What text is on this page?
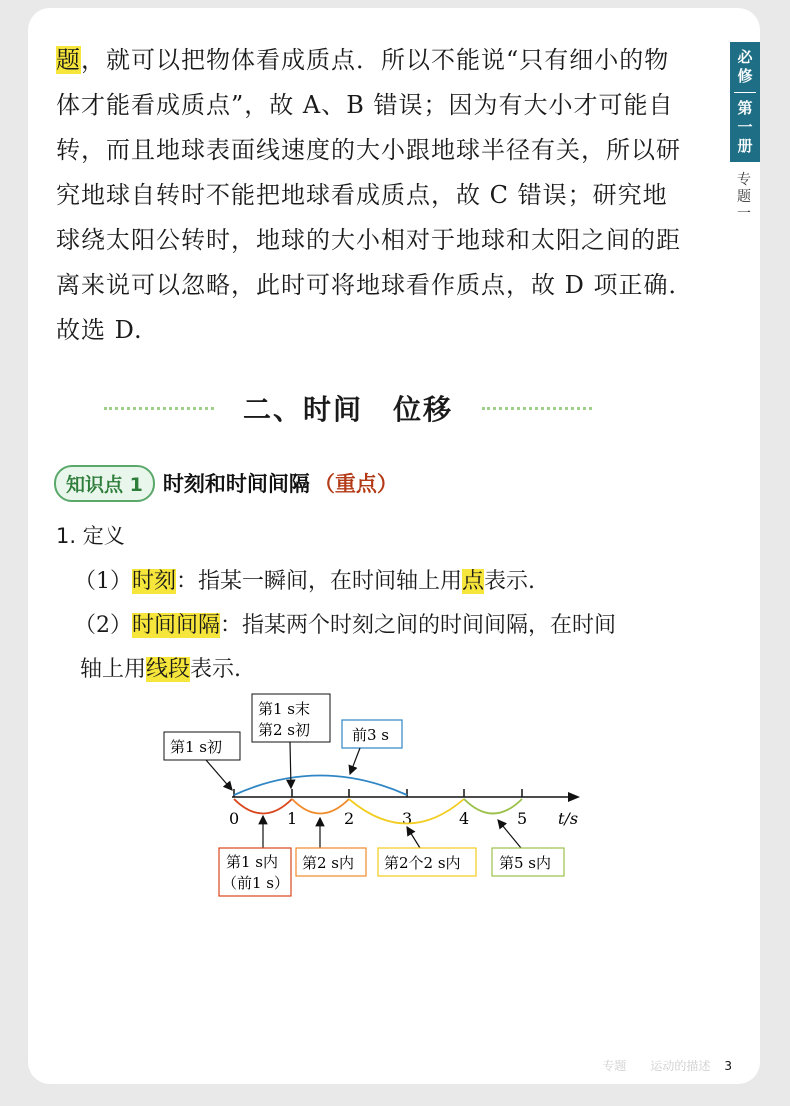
题，就可以把物体看成质点．所以不能说“只有细小的物

体才能看成质点”，故 A、B 错误；因为有大小才可能自

转，而且地球表面线速度的大小跟地球半径有关，所以研

究地球自转时不能把地球看成质点，故 C 错误；研究地

球绕太阳公转时，地球的大小相对于地球和太阳之间的距

离来说可以忽略，此时可将地球看作质点，故 D 项正确．

故选 D.

必
修
第
一
册
专
题
一
二、时间　位移
知识点 1 时刻和时间间隔 （重点）
1. 定义

（1）时刻：指某一瞬间，在时间轴上用点表示.

（2）时间间隔：指某两个时刻之间的时间间隔，在时间

轴上用线段表示.

0	1	2	3	4	5 t/s
第1 s初
第1 s末
第2 s初	前3 s
第1 s内
（前1 s）
第2 s内 第2个2 s内	第5 s内
专题　　运动的描述 3
